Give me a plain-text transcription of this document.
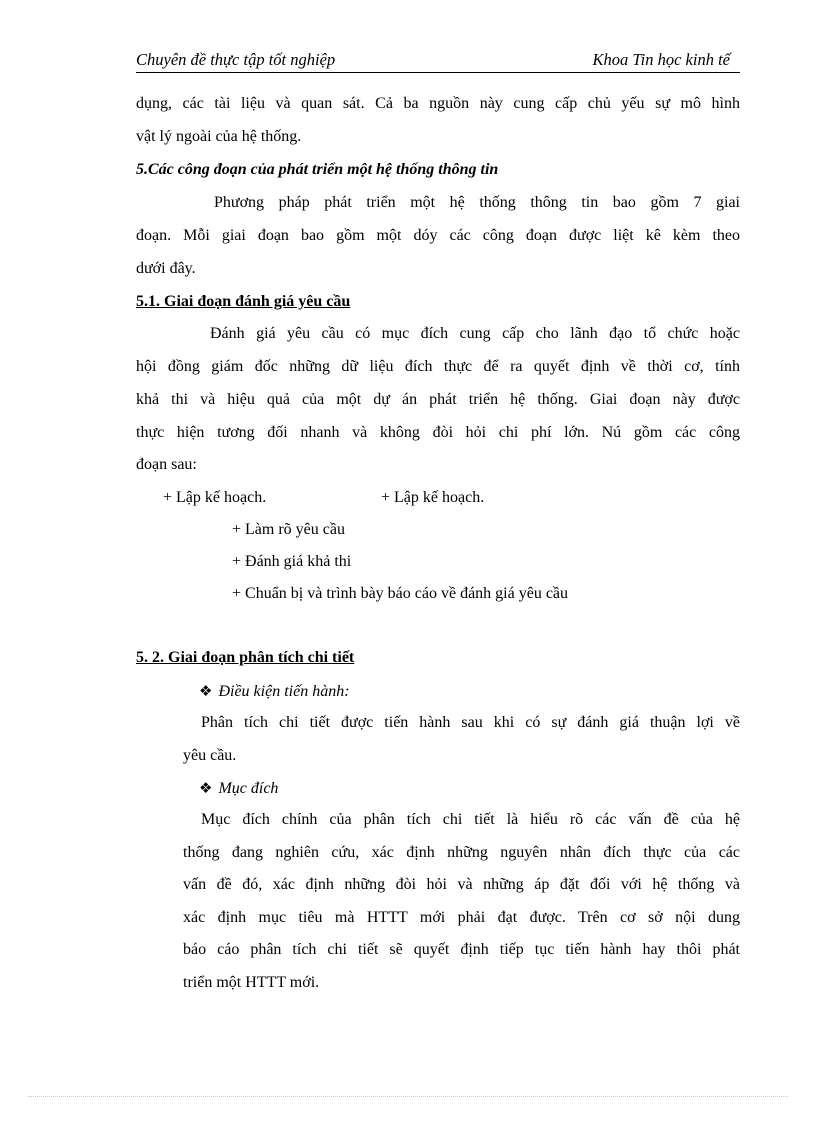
Chuyên đề thực tập tốt nghiệp	Khoa Tin học kinh tế
dụng, các tài liệu và quan sát. Cả ba nguồn này cung cấp chủ yếu sự mô hình
vật lý ngoài của hệ thống.
5.Các công đoạn của phát triển một hệ thống thông tin
Phương pháp phát triển một hệ thống thông tin bao gồm 7 giai
đoạn. Mỗi giai đoạn bao gồm một dóy các công đoạn được liệt kê kèm theo
dưới đây.
5.1. Giai đoạn đánh giá yêu cầu
Đánh giá yêu cầu có mục đích cung cấp cho lãnh đạo tổ chức hoặc
hội đồng giám đốc những dữ liệu đích thực để ra quyết định về thời cơ, tính
khả thi và hiệu quả của một dự án phát triển hệ thống. Giai đoạn này được
thực hiện tương đối nhanh và không đòi hỏi chi phí lớn. Nú gồm các công
đoạn sau:
+ Lập kế hoạch.	+ Lập kế hoạch.
+ Làm rõ yêu cầu
+ Đánh giá khả thi
+ Chuẩn bị và trình bày báo cáo về đánh giá yêu cầu
5. 2. Giai đoạn phân tích chi tiết
❖ Điều kiện tiến hành:
Phân tích chi tiết được tiến hành sau khi có sự đánh giá thuận lợi về
yêu cầu.
❖ Mục đích
Mục đích chính của phân tích chi tiết là hiểu rõ các vấn đề của hệ
thống đang nghiên cứu, xác định những nguyên nhân đích thực của các
vấn đề đó, xác định những đòi hỏi và những áp đặt đối với hệ thống và
xác định mục tiêu mà HTTT mới phải đạt được. Trên cơ sở nội dung
báo cáo phân tích chi tiết sẽ quyết định tiếp tục tiến hành hay thôi phát
triển một HTTT mới.
